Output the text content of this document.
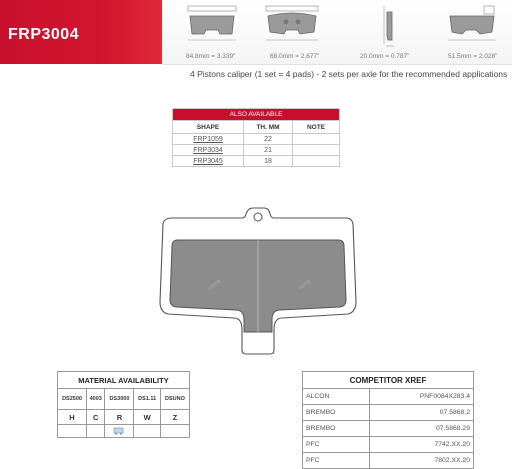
FRP3004
84.8mm = 3.339"	68.0mm = 2.677"	20.0mm = 0.787"	51.5mm = 2.028"
4 Pistons caliper (1 set = 4 pads) - 2 sets per axle for the recommended applications
ALSO AVAILABLE		
SHAPE	TH. MM	NOTE
FRP1059	22	
FRP3034	21	
FRP3045	18	
racing	racing
MATERIAL AVAILABILITY				
DS2500	4003	DS3000	DS1.11	DSUNO
H	C	R	W	Z

COMPETITOR XREF	
ALCON	PNF0084X283.4
BREMBO	07.5868.2
BREMBO	07.5868.29
PFC	7742.XX.20
PFC	7802.XX.20
